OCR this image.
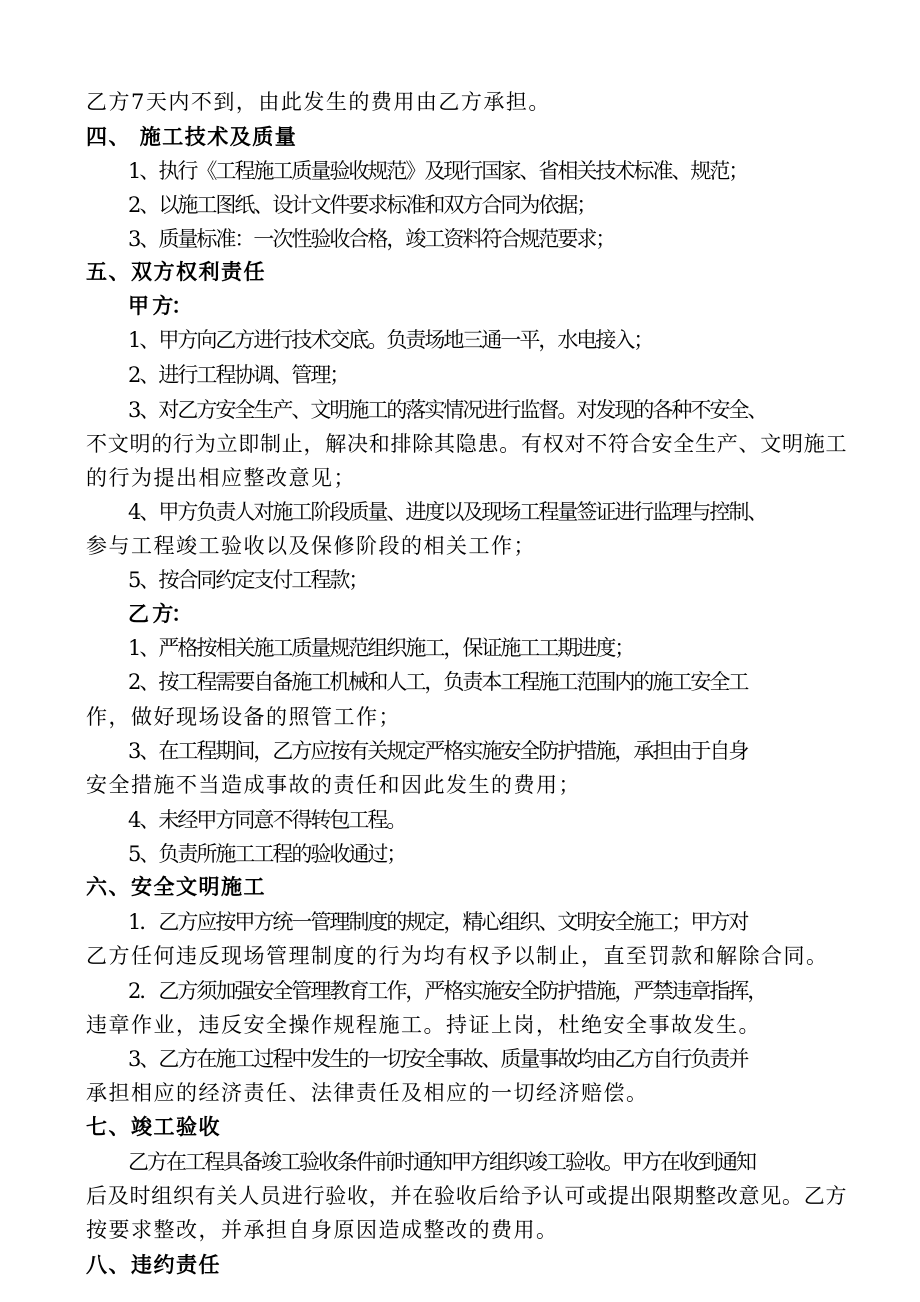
乙方7天内不到，由此发生的费用由乙方承担。
四、 施工技术及质量
1、执行《工程施工质量验收规范》及现行国家、省相关技术标准、规范；
2、以施工图纸、设计文件要求标准和双方合同为依据；
3、质量标准：一次性验收合格，竣工资料符合规范要求；
五、双方权利责任
甲 方：
1、甲方向乙方进行技术交底。负责场地三通一平，水电接入；
2、进行工程协调、管理；
3、对乙方安全生产、文明施工的落实情况进行监督。对发现的各种不安全、
不文明的行为立即制止，解决和排除其隐患。有权对不符合安全生产、文明施工
的行为提出相应整改意见；
4、甲方负责人对施工阶段质量、进度以及现场工程量签证进行监理与控制、
参与工程竣工验收以及保修阶段的相关工作；
5、按合同约定支付工程款；
乙 方：
1、严格按相关施工质量规范组织施工，保证施工工期进度；
2、按工程需要自备施工机械和人工，负责本工程施工范围内的施工安全工
作，做好现场设备的照管工作；
3、在工程期间，乙方应按有关规定严格实施安全防护措施，承担由于自身
安全措施不当造成事故的责任和因此发生的费用；
4、未经甲方同意不得转包工程。
5、负责所施工工程的验收通过；
六、安全文明施工
1．乙方应按甲方统一管理制度的规定，精心组织、文明安全施工；甲方对
乙方任何违反现场管理制度的行为均有权予以制止，直至罚款和解除合同。
2．乙方须加强安全管理教育工作，严格实施安全防护措施，严禁违章指挥，
违章作业，违反安全操作规程施工。持证上岗，杜绝安全事故发生。
3、乙方在施工过程中发生的一切安全事故、质量事故均由乙方自行负责并
承担相应的经济责任、法律责任及相应的一切经济赔偿。
七、竣工验收
乙方在工程具备竣工验收条件前时通知甲方组织竣工验收。甲方在收到通知
后及时组织有关人员进行验收，并在验收后给予认可或提出限期整改意见。乙方
按要求整改，并承担自身原因造成整改的费用。
八、违约责任
